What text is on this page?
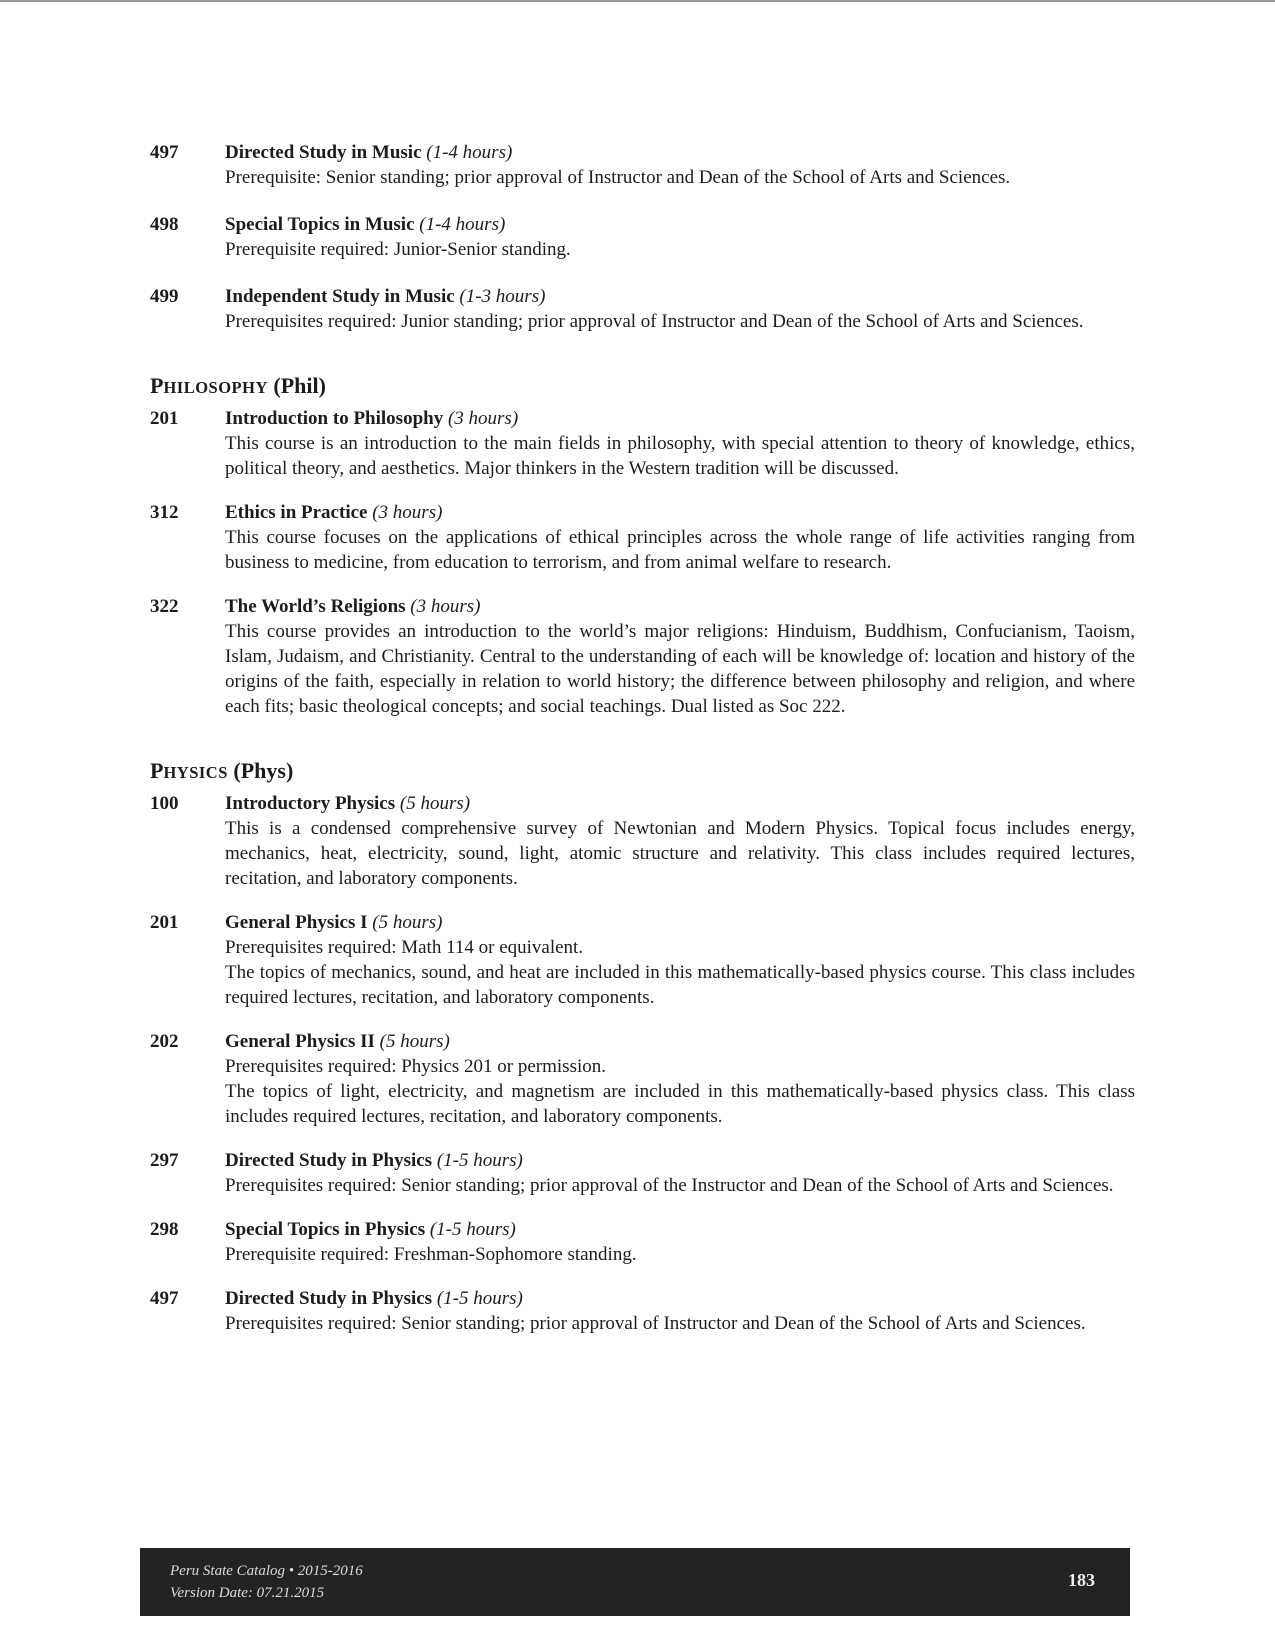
497	Directed Study in Music (1-4 hours)
Prerequisite: Senior standing; prior approval of Instructor and Dean of the School of Arts and Sciences.
498	Special Topics in Music (1-4 hours)
Prerequisite required: Junior-Senior standing.
499	Independent Study in Music (1-3 hours)
Prerequisites required: Junior standing; prior approval of Instructor and Dean of the School of Arts and Sciences.
PHILOSOPHY (Phil)
201	Introduction to Philosophy (3 hours)
This course is an introduction to the main fields in philosophy, with special attention to theory of knowledge, ethics, political theory, and aesthetics. Major thinkers in the Western tradition will be discussed.
312	Ethics in Practice (3 hours)
This course focuses on the applications of ethical principles across the whole range of life activities ranging from business to medicine, from education to terrorism, and from animal welfare to research.
322	The World’s Religions (3 hours)
This course provides an introduction to the world’s major religions: Hinduism, Buddhism, Confucianism, Taoism, Islam, Judaism, and Christianity. Central to the understanding of each will be knowledge of: location and history of the origins of the faith, especially in relation to world history; the difference between philosophy and religion, and where each fits; basic theological concepts; and social teachings. Dual listed as Soc 222.
PHYSICS (Phys)
100	Introductory Physics (5 hours)
This is a condensed comprehensive survey of Newtonian and Modern Physics. Topical focus includes energy, mechanics, heat, electricity, sound, light, atomic structure and relativity. This class includes required lectures, recitation, and laboratory components.
201	General Physics I (5 hours)
Prerequisites required: Math 114 or equivalent.
The topics of mechanics, sound, and heat are included in this mathematically-based physics course. This class includes required lectures, recitation, and laboratory components.
202	General Physics II (5 hours)
Prerequisites required: Physics 201 or permission.
The topics of light, electricity, and magnetism are included in this mathematically-based physics class. This class includes required lectures, recitation, and laboratory components.
297	Directed Study in Physics (1-5 hours)
Prerequisites required: Senior standing; prior approval of the Instructor and Dean of the School of Arts and Sciences.
298	Special Topics in Physics (1-5 hours)
Prerequisite required: Freshman-Sophomore standing.
497	Directed Study in Physics (1-5 hours)
Prerequisites required: Senior standing; prior approval of Instructor and Dean of the School of Arts and Sciences.
Peru State Catalog • 2015-2016
Version Date: 07.21.2015
183
